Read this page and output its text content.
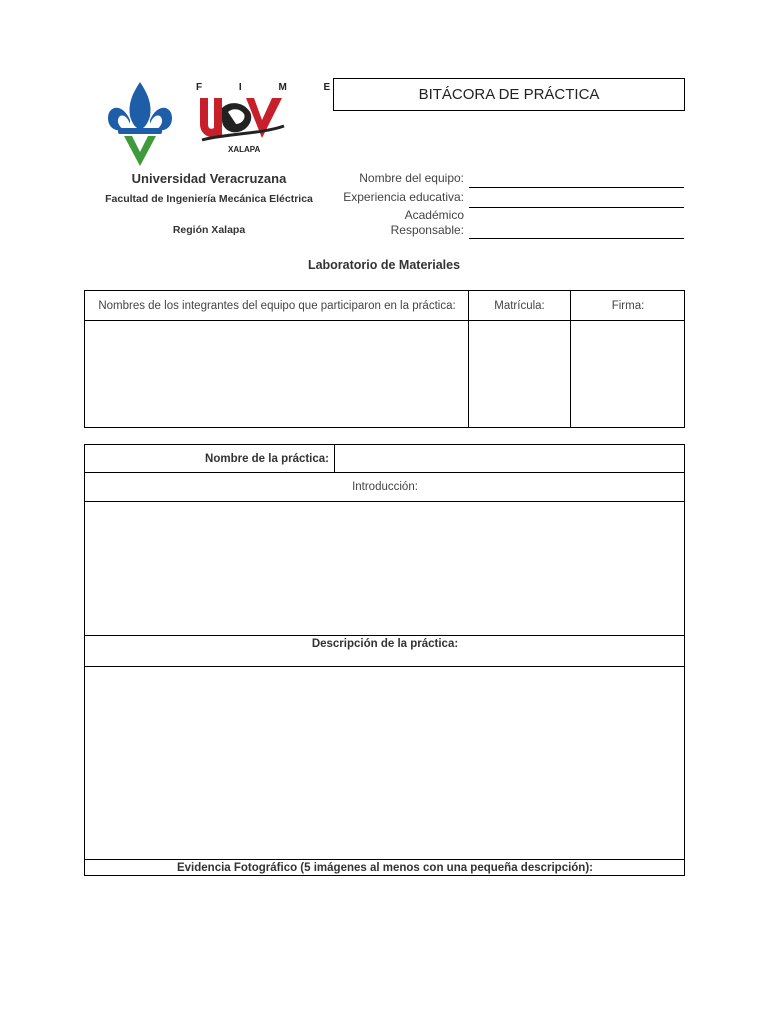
F I M E
XALAPA
Universidad Veracruzana
Facultad de Ingeniería Mecánica Eléctrica
Región Xalapa
BITÁCORA DE PRÁCTICA
Nombre del equipo:
Experiencia educativa:
Académico
Responsable:
Laboratorio de Materiales
Nombres de los integrantes del equipo que participaron en la práctica:	Matrícula:	Firma:
Nombre de la práctica:
Introducción:
Descripción de la práctica:
Evidencia Fotográfico (5 imágenes al menos con una pequeña descripción):
